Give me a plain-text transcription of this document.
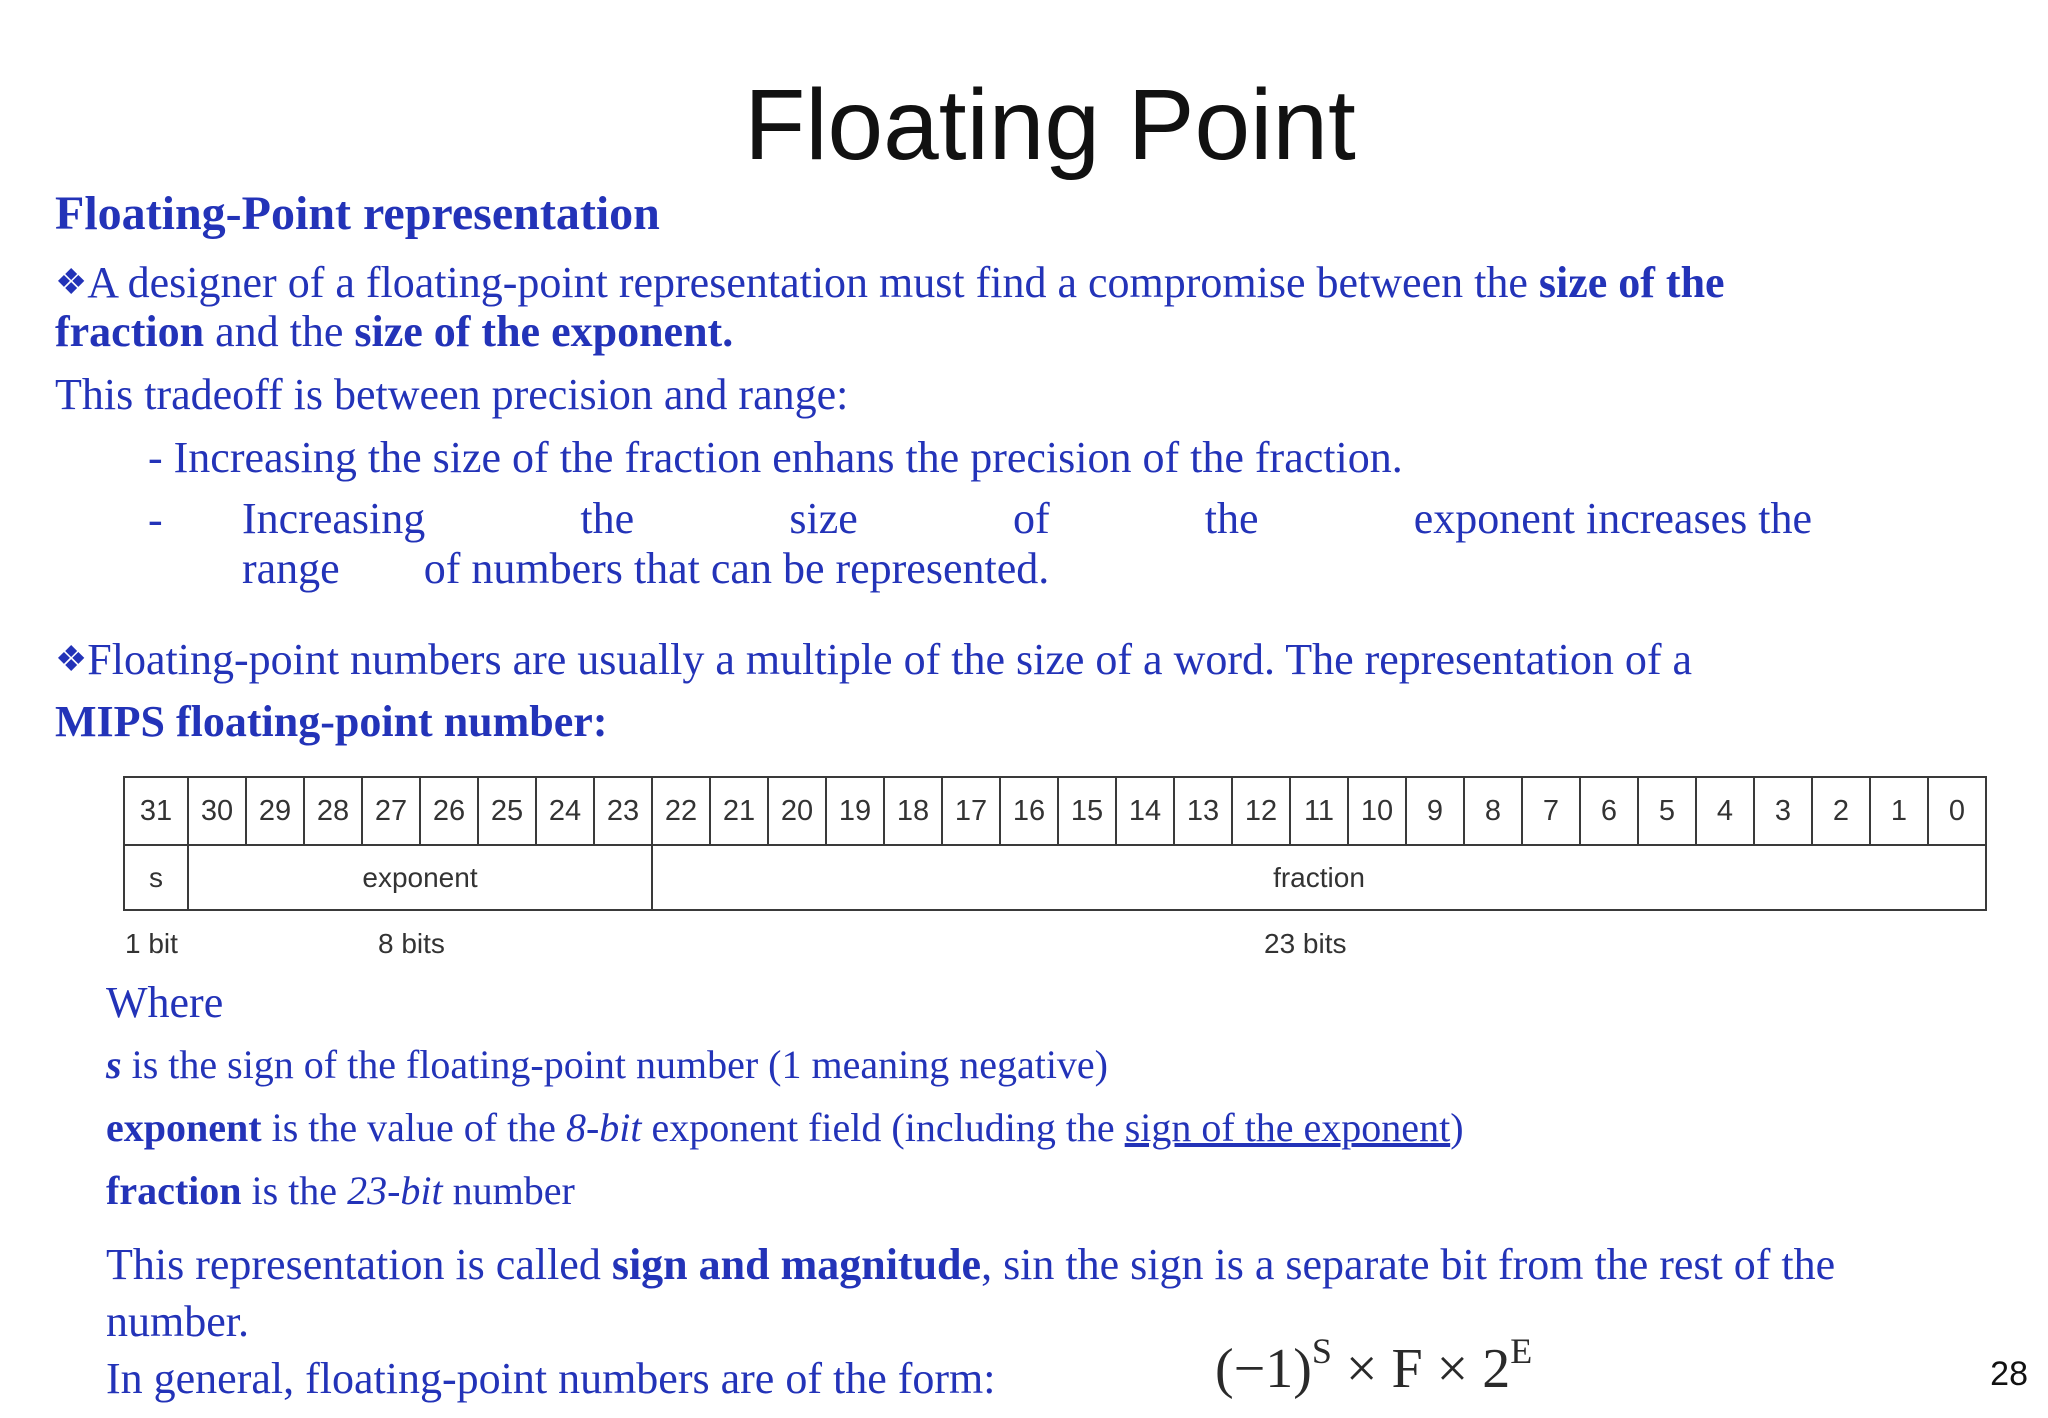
Floating Point
Floating-Point representation
❖A designer of a floating-point representation must find a compromise between the size of the
fraction and the size of the exponent.
This tradeoff is between precision and range:
- Increasing the size of the fraction enhans the precision of the fraction.
- Increasing	the	size	of	the	exponent increases the
range of numbers that can be represented.
❖Floating-point numbers are usually a multiple of the size of a word. The representation of a
MIPS floating-point number:
31	30	29	28	27	26	25	24	23	22	21	20	19	18	17	16	15	14	13	12	11	10	9	8	7	6	5	4	3	2	1	0
s	exponent								fraction																						
1 bit	8 bits	23 bits
Where
s is the sign of the floating-point number (1 meaning negative)
exponent is the value of the 8-bit exponent field (including the sign of the exponent)
fraction is the 23-bit number
This representation is called sign and magnitude, sin the sign is a separate bit from the rest of the
number.
In general, floating-point numbers are of the form:	$(-1)^S \times F \times 2^E$
28
